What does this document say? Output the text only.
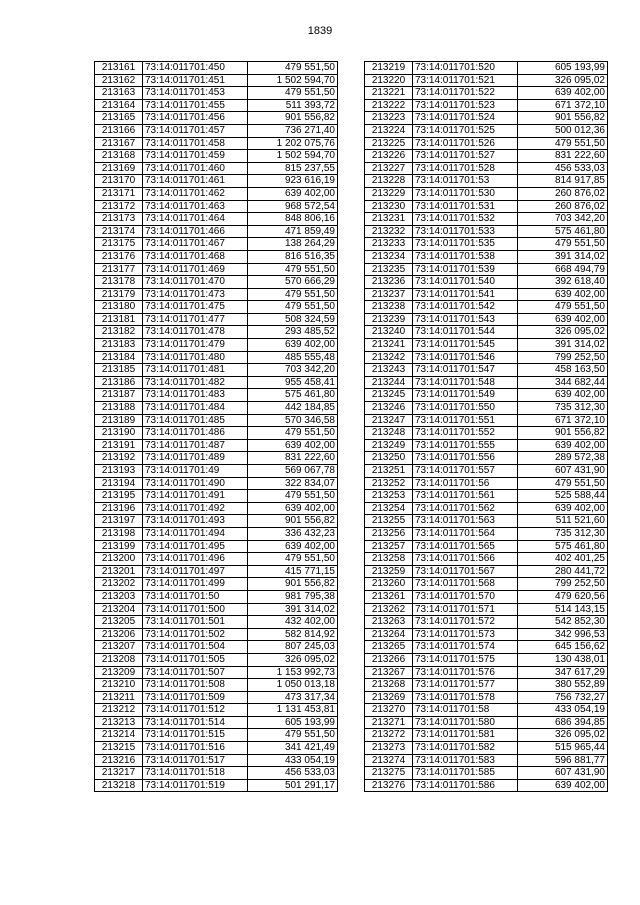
1839
213161	73:14:011701:450	479 551,50
213162	73:14:011701:451	1 502 594,70
213163	73:14:011701:453	479 551,50
213164	73:14:011701:455	511 393,72
213165	73:14:011701:456	901 556,82
213166	73:14:011701:457	736 271,40
213167	73:14:011701:458	1 202 075,76
213168	73:14:011701:459	1 502 594,70
213169	73:14:011701:460	815 237,55
213170	73:14:011701:461	923 616,19
213171	73:14:011701:462	639 402,00
213172	73:14:011701:463	968 572,54
213173	73:14:011701:464	848 806,16
213174	73:14:011701:466	471 859,49
213175	73:14:011701:467	138 264,29
213176	73:14:011701:468	816 516,35
213177	73:14:011701:469	479 551,50
213178	73:14:011701:470	570 666,29
213179	73:14:011701:473	479 551,50
213180	73:14:011701:475	479 551,50
213181	73:14:011701:477	508 324,59
213182	73:14:011701:478	293 485,52
213183	73:14:011701:479	639 402,00
213184	73:14:011701:480	485 555,48
213185	73:14:011701:481	703 342,20
213186	73:14:011701:482	955 458,41
213187	73:14:011701:483	575 461,80
213188	73:14:011701:484	442 184,85
213189	73:14:011701:485	570 346,58
213190	73:14:011701:486	479 551,50
213191	73:14:011701:487	639 402,00
213192	73:14:011701:489	831 222,60
213193	73:14:011701:49	569 067,78
213194	73:14:011701:490	322 834,07
213195	73:14:011701:491	479 551,50
213196	73:14:011701:492	639 402,00
213197	73:14:011701:493	901 556,82
213198	73:14:011701:494	336 432,23
213199	73:14:011701:495	639 402,00
213200	73:14:011701:496	479 551,50
213201	73:14:011701:497	415 771,15
213202	73:14:011701:499	901 556,82
213203	73:14:011701:50	981 795,38
213204	73:14:011701:500	391 314,02
213205	73:14:011701:501	432 402,00
213206	73:14:011701:502	582 814,92
213207	73:14:011701:504	807 245,03
213208	73:14:011701:505	326 095,02
213209	73:14:011701:507	1 153 992,73
213210	73:14:011701:508	1 050 013,18
213211	73:14:011701:509	473 317,34
213212	73:14:011701:512	1 131 453,81
213213	73:14:011701:514	605 193,99
213214	73:14:011701:515	479 551,50
213215	73:14:011701:516	341 421,49
213216	73:14:011701:517	433 054,19
213217	73:14:011701:518	456 533,03
213218	73:14:011701:519	501 291,17
213219	73:14:011701:520	605 193,99
213220	73:14:011701:521	326 095,02
213221	73:14:011701:522	639 402,00
213222	73:14:011701:523	671 372,10
213223	73:14:011701:524	901 556,82
213224	73:14:011701:525	500 012,36
213225	73:14:011701:526	479 551,50
213226	73:14:011701:527	831 222,60
213227	73:14:011701:528	456 533,03
213228	73:14:011701:53	814 917,85
213229	73:14:011701:530	260 876,02
213230	73:14:011701:531	260 876,02
213231	73:14:011701:532	703 342,20
213232	73:14:011701:533	575 461,80
213233	73:14:011701:535	479 551,50
213234	73:14:011701:538	391 314,02
213235	73:14:011701:539	668 494,79
213236	73:14:011701:540	392 618,40
213237	73:14:011701:541	639 402,00
213238	73:14:011701:542	479 551,50
213239	73:14:011701:543	639 402,00
213240	73:14:011701:544	326 095,02
213241	73:14:011701:545	391 314,02
213242	73:14:011701:546	799 252,50
213243	73:14:011701:547	458 163,50
213244	73:14:011701:548	344 682,44
213245	73:14:011701:549	639 402,00
213246	73:14:011701:550	735 312,30
213247	73:14:011701:551	671 372,10
213248	73:14:011701:552	901 556,82
213249	73:14:011701:555	639 402,00
213250	73:14:011701:556	289 572,38
213251	73:14:011701:557	607 431,90
213252	73:14:011701:56	479 551,50
213253	73:14:011701:561	525 588,44
213254	73:14:011701:562	639 402,00
213255	73:14:011701:563	511 521,60
213256	73:14:011701:564	735 312,30
213257	73:14:011701:565	575 461,80
213258	73:14:011701:566	402 401,25
213259	73:14:011701:567	280 441,72
213260	73:14:011701:568	799 252,50
213261	73:14:011701:570	479 620,56
213262	73:14:011701:571	514 143,15
213263	73:14:011701:572	542 852,30
213264	73:14:011701:573	342 996,53
213265	73:14:011701:574	645 156,62
213266	73:14:011701:575	130 438,01
213267	73:14:011701:576	347 617,29
213268	73:14:011701:577	380 552,89
213269	73:14:011701:578	756 732,27
213270	73:14:011701:58	433 054,19
213271	73:14:011701:580	686 394,85
213272	73:14:011701:581	326 095,02
213273	73:14:011701:582	515 965,44
213274	73:14:011701:583	596 881,77
213275	73:14:011701:585	607 431,90
213276	73:14:011701:586	639 402,00
